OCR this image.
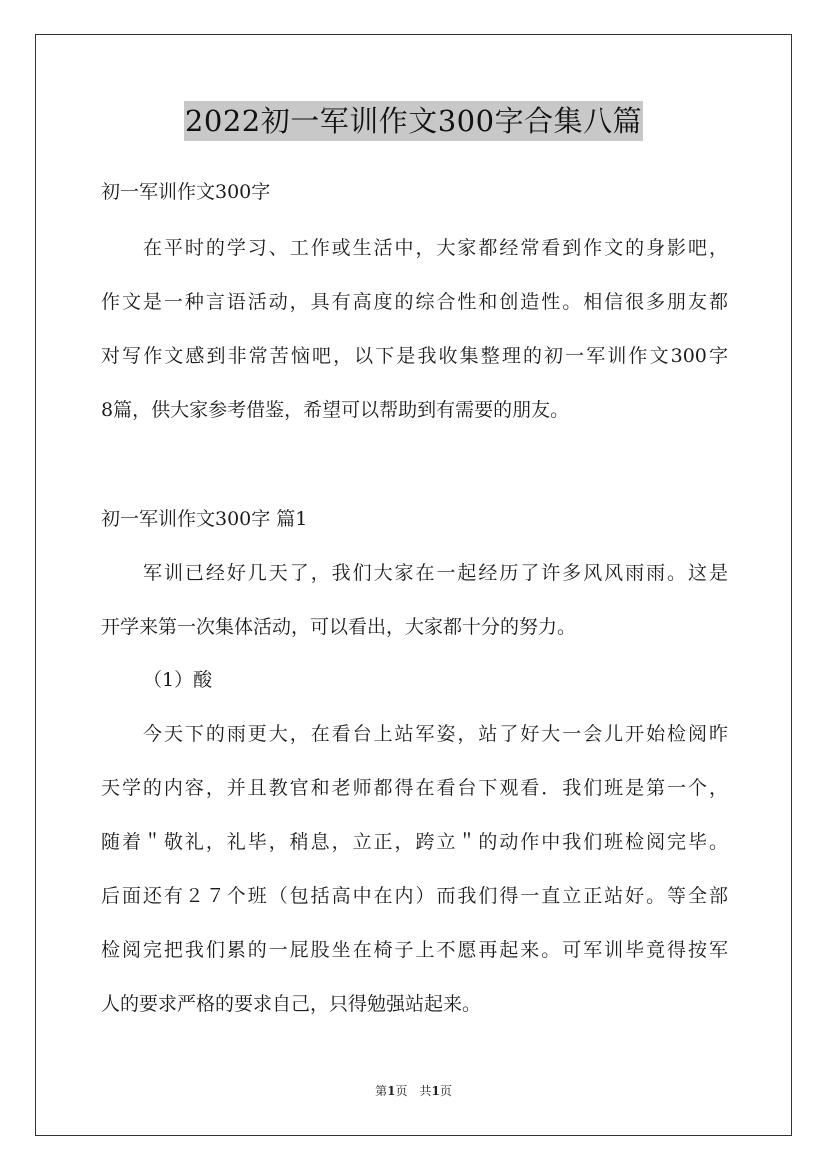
2022初一军训作文300字合集八篇
初一军训作文300字
在平时的学习、工作或生活中，大家都经常看到作文的身影吧，
作文是一种言语活动，具有高度的综合性和创造性。相信很多朋友都
对写作文感到非常苦恼吧，以下是我收集整理的初一军训作文300字
8篇，供大家参考借鉴，希望可以帮助到有需要的朋友。
初一军训作文300字 篇1
军训已经好几天了，我们大家在一起经历了许多风风雨雨。这是
开学来第一次集体活动，可以看出，大家都十分的努力。
（1）酸
今天下的雨更大，在看台上站军姿，站了好大一会儿开始检阅昨
天学的内容，并且教官和老师都得在看台下观看．我们班是第一个，
随着＂敬礼，礼毕，稍息，立正，跨立＂的动作中我们班检阅完毕。
后面还有２７个班（包括高中在内）而我们得一直立正站好。等全部
检阅完把我们累的一屁股坐在椅子上不愿再起来。可军训毕竟得按军
人的要求严格的要求自己，只得勉强站起来。
第1页　共1页
